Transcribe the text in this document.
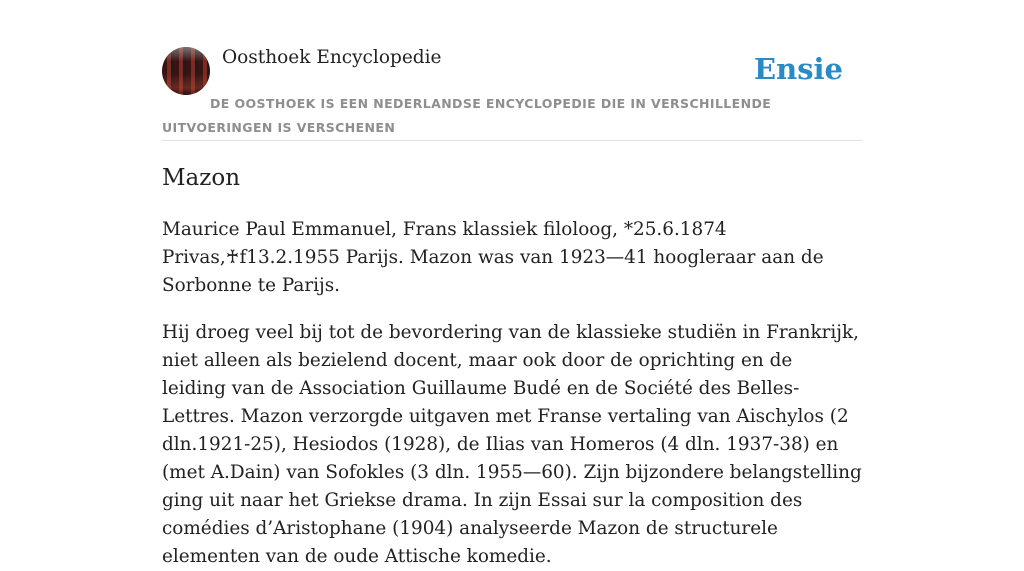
Oosthoek Encyclopedie	Ensie
DE OOSTHOEK IS EEN NEDERLANDSE ENCYCLOPEDIE DIE IN VERSCHILLENDE UITVOERINGEN IS VERSCHENEN
Mazon

Maurice Paul Emmanuel, Frans klassiek filoloog, *25.6.1874 Privas,♰f13.2.1955 Parijs. Mazon was van 1923—41 hoogleraar aan de Sorbonne te Parijs.

Hij droeg veel bij tot de bevordering van de klassieke studiën in Frankrijk, niet alleen als bezielend docent, maar ook door de oprichting en de leiding van de Association Guillaume Budé en de Société des Belles-Lettres. Mazon verzorgde uitgaven met Franse vertaling van Aischylos (2 dln.1921-25), Hesiodos (1928), de Ilias van Homeros (4 dln. 1937-38) en (met A.Dain) van Sofokles (3 dln. 1955—60). Zijn bijzondere belangstelling ging uit naar het Griekse drama. In zijn Essai sur la composition des comédies d’Aristophane (1904) analyseerde Mazon de structurele elementen van de oude Attische komedie.
